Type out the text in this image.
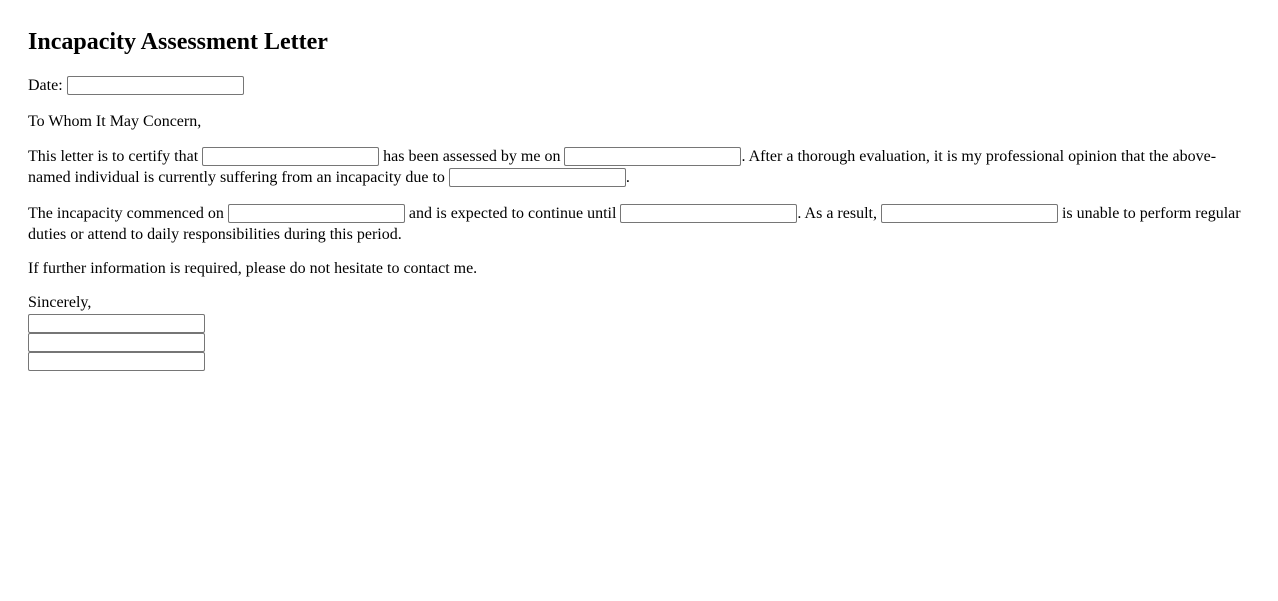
Incapacity Assessment Letter

Date:

To Whom It May Concern,

This letter is to certify that	has been assessed by me on	. After a thorough evaluation, it is my professional opinion that the above-named individual is currently suffering from an incapacity due to	.

The incapacity commenced on	and is expected to continue until	. As a result,	is unable to perform regular duties or attend to daily responsibilities during this period.

If further information is required, please do not hesitate to contact me.

Sincerely,
